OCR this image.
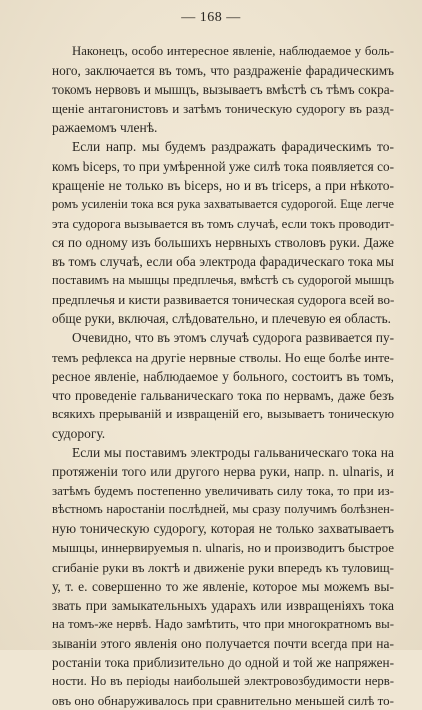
— 168 —
Наконецъ, особо интересное явленiе, наблюдаемое у боль-
ного, заключается въ томъ, что раздраженiе фарадическимъ
токомъ нервовъ и мышцъ, вызываетъ вмѣстѣ съ тѣмъ сокра-
щенiе антагонистовъ и затѣмъ тоническую судорогу въ разд-
ражаемомъ членѣ.
Если напр. мы будемъ раздражать фарадическимъ то-
комъ biceps, то при умѣренной уже силѣ тока появляется со-
кращенiе не только въ biceps, но и въ triceps, а при нѣкото-
ромъ усиленiи тока вся рука захватывается судорогой. Еще легче
эта судорога вызывается въ томъ случаѣ, если токъ проводит-
ся по одному изъ большихъ нервныхъ стволовъ руки. Даже
въ томъ случаѣ, если оба электрода фарадическаго тока мы
поставимъ на мышцы предплечья, вмѣстѣ съ судорогой мышцъ
предплечья и кисти развивается тоническая судорога всей во-
обще руки, включая, слѣдовательно, и плечевую ея область.
Очевидно, что въ этомъ случаѣ судорога развивается пу-
темъ рефлекса на другiе нервные стволы. Но еще болѣе инте-
ресное явленiе, наблюдаемое у больного, состоитъ въ томъ,
что проведенiе гальваническаго тока по нервамъ, даже безъ
всякихъ прерыванiй и извращенiй его, вызываетъ тоническую
судорогу.
Если мы поставимъ электроды гальваническаго тока на
протяженiи того или другого нерва руки, напр. n. ulnaris, и
затѣмъ будемъ постепенно увеличивать силу тока, то при из-
вѣстномъ наростанiи послѣдней, мы сразу получимъ болѣзнен-
ную тоническую судорогу, которая не только захватываетъ
мышцы, иннервируемыя n. ulnaris, но и производитъ быстрое
сгибанiе руки въ локтѣ и движенiе руки впередъ къ туловищ-
у, т. е. совершенно то же явленiе, которое мы можемъ вы-
звать при замыкательныхъ ударахъ или извращенiяхъ тока
на томъ-же нервѣ. Надо замѣтить, что при многократномъ вы-
зыванiи этого явленiя оно получается почти всегда при на-
ростанiи тока приблизительно до одной и той же напряжен-
ности. Но въ перiоды наибольшей электровозбудимости нерв-
овъ оно обнаруживалось при сравнительно меньшей силѣ то-
